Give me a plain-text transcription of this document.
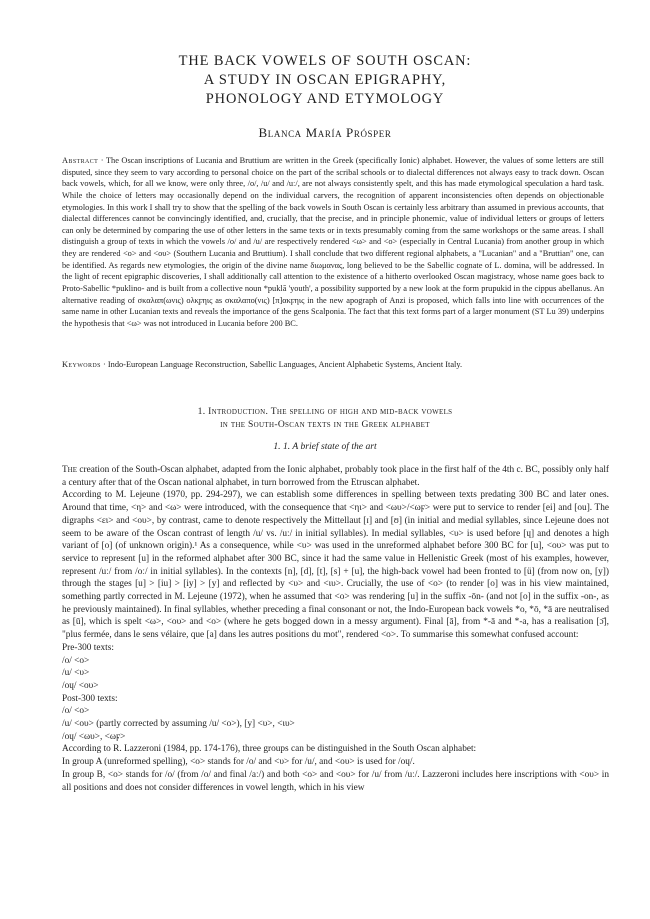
THE BACK VOWELS OF SOUTH OSCAN:
A STUDY IN OSCAN EPIGRAPHY,
PHONOLOGY AND ETYMOLOGY
Blanca María Prósper

Abstract · The Oscan inscriptions of Lucania and Bruttium are written in the Greek (specifically Ionic) alphabet. However, the values of some letters are still disputed, since they seem to vary according to personal choice on the part of the scribal schools or to dialectal differences not always easy to track down. Oscan back vowels, which, for all we know, were only three, /o/, /u/ and /uː/, are not always consistently spelt, and this has made etymological speculation a hard task. While the choice of letters may occasionally depend on the individual carvers, the recognition of apparent inconsistencies often depends on objectionable etymologies. In this work I shall try to show that the spelling of the back vowels in South Oscan is certainly less arbitrary than assumed in previous accounts, that dialectal differences cannot be convincingly identified, and, crucially, that the precise, and in principle phonemic, value of individual letters or groups of letters can only be determined by comparing the use of other letters in the same texts or in texts presumably coming from the same workshops or the same areas. I shall distinguish a group of texts in which the vowels /o/ and /u/ are respectively rendered <ω> and <ο> (especially in Central Lucania) from another group in which they are rendered <ο> and <ου> (Southern Lucania and Bruttium). I shall conclude that two different regional alphabets, a "Lucanian" and a "Bruttian" one, can be identified. As regards new etymologies, the origin of the divine name διωμανας, long believed to be the Sabellic cognate of L. domina, will be addressed. In the light of recent epigraphic discoveries, I shall additionally call attention to the existence of a hitherto overlooked Oscan magistracy, whose name goes back to Proto-Sabellic *puklino- and is built from a collective noun *puklā 'youth', a possibility supported by a new look at the form prupukid in the cippus abellanus. An alternative reading of σκαλαπ(ωνις) ολκ̣ϝηις as σκαλαπο(νις) [π]ακϝηις in the new apograph of Anzi is proposed, which falls into line with occurrences of the same name in other Lucanian texts and reveals the importance of the gens Scalponia. The fact that this text forms part of a larger monument (ST Lu 39) underpins the hypothesis that <ω> was not introduced in Lucania before 200 BC.

Keywords · Indo-European Language Reconstruction, Sabellic Languages, Ancient Alphabetic Systems, Ancient Italy.

1. Introduction. The spelling of high and mid-back vowels
in the South-Oscan texts in the Greek alphabet
1. 1. A brief state of the art

The creation of the South-Oscan alphabet, adapted from the Ionic alphabet, probably took place in the first half of the 4th c. BC, possibly only half a century after that of the Oscan national alphabet, in turn borrowed from the Etruscan alphabet.

According to M. Lejeune (1970, pp. 294-297), we can establish some differences in spelling between texts predating 300 BC and later ones. Around that time, <η> and <ω> were introduced, with the consequence that <ηι> and <ωυ>/<ωϝ> were put to service to render [ei] and [ou]. The digraphs <ει> and <ου>, by contrast, came to denote respectively the Mittellaut [ɪ] and [ʊ] (in initial and medial syllables, since Lejeune does not seem to be aware of the Oscan contrast of length /u/ vs. /uː/ in initial syllables). In medial syllables, <υ> is used before [ɥ] and denotes a high variant of [o] (of unknown origin).¹ As a consequence, while <υ> was used in the unreformed alphabet before 300 BC for [u], <ου> was put to service to represent [u] in the reformed alphabet after 300 BC, since it had the same value in Hellenistic Greek (most of his examples, however, represent /uː/ from /oː/ in initial syllables). In the contexts [n], [d], [t], [s] + [u], the high-back vowel had been fronted to [ü] (from now on, [y]) through the stages [u] > [iu] > [iy] > [y] and reflected by <υ> and <ιυ>. Crucially, the use of <ο> (to render [o] was in his view maintained, something partly corrected in M. Lejeune (1972), when he assumed that <ο> was rendering [u] in the suffix -ōn- (and not [o] in the suffix -on-, as he previously maintained). In final syllables, whether preceding a final consonant or not, the Indo-European back vowels *o, *ō, *ā are neutralised as [ū], which is spelt <ω>, <ου> and <ο> (where he gets bogged down in a messy argument). Final [ā], from *-ā and *-a, has a realisation [ɔ̄], "plus fermée, dans le sens vélaire, que [a] dans les autres positions du mot", rendered <ο>. To summarise this somewhat confused account:

Pre-300 texts:
/o/ <ο>
/u/ <υ>
/oɥ/ <ου>
Post-300 texts:
/o/ <ο>
/u/ <ου> (partly corrected by assuming /u/ <ο>), [y] <υ>, <ιυ>
/oɥ/ <ωυ>, <ωϝ>

According to R. Lazzeroni (1984, pp. 174-176), three groups can be distinguished in the South Oscan alphabet:

In group A (unreformed spelling), <ο> stands for /o/ and <υ> for /u/, and <ου> is used for /oɥ/.

In group B, <ο> stands for /o/ (from /o/ and final /aː/) and both <ο> and <ου> for /u/ from /uː/. Lazzeroni includes here inscriptions with <ου> in all positions and does not consider differences in vowel length, which in his view
